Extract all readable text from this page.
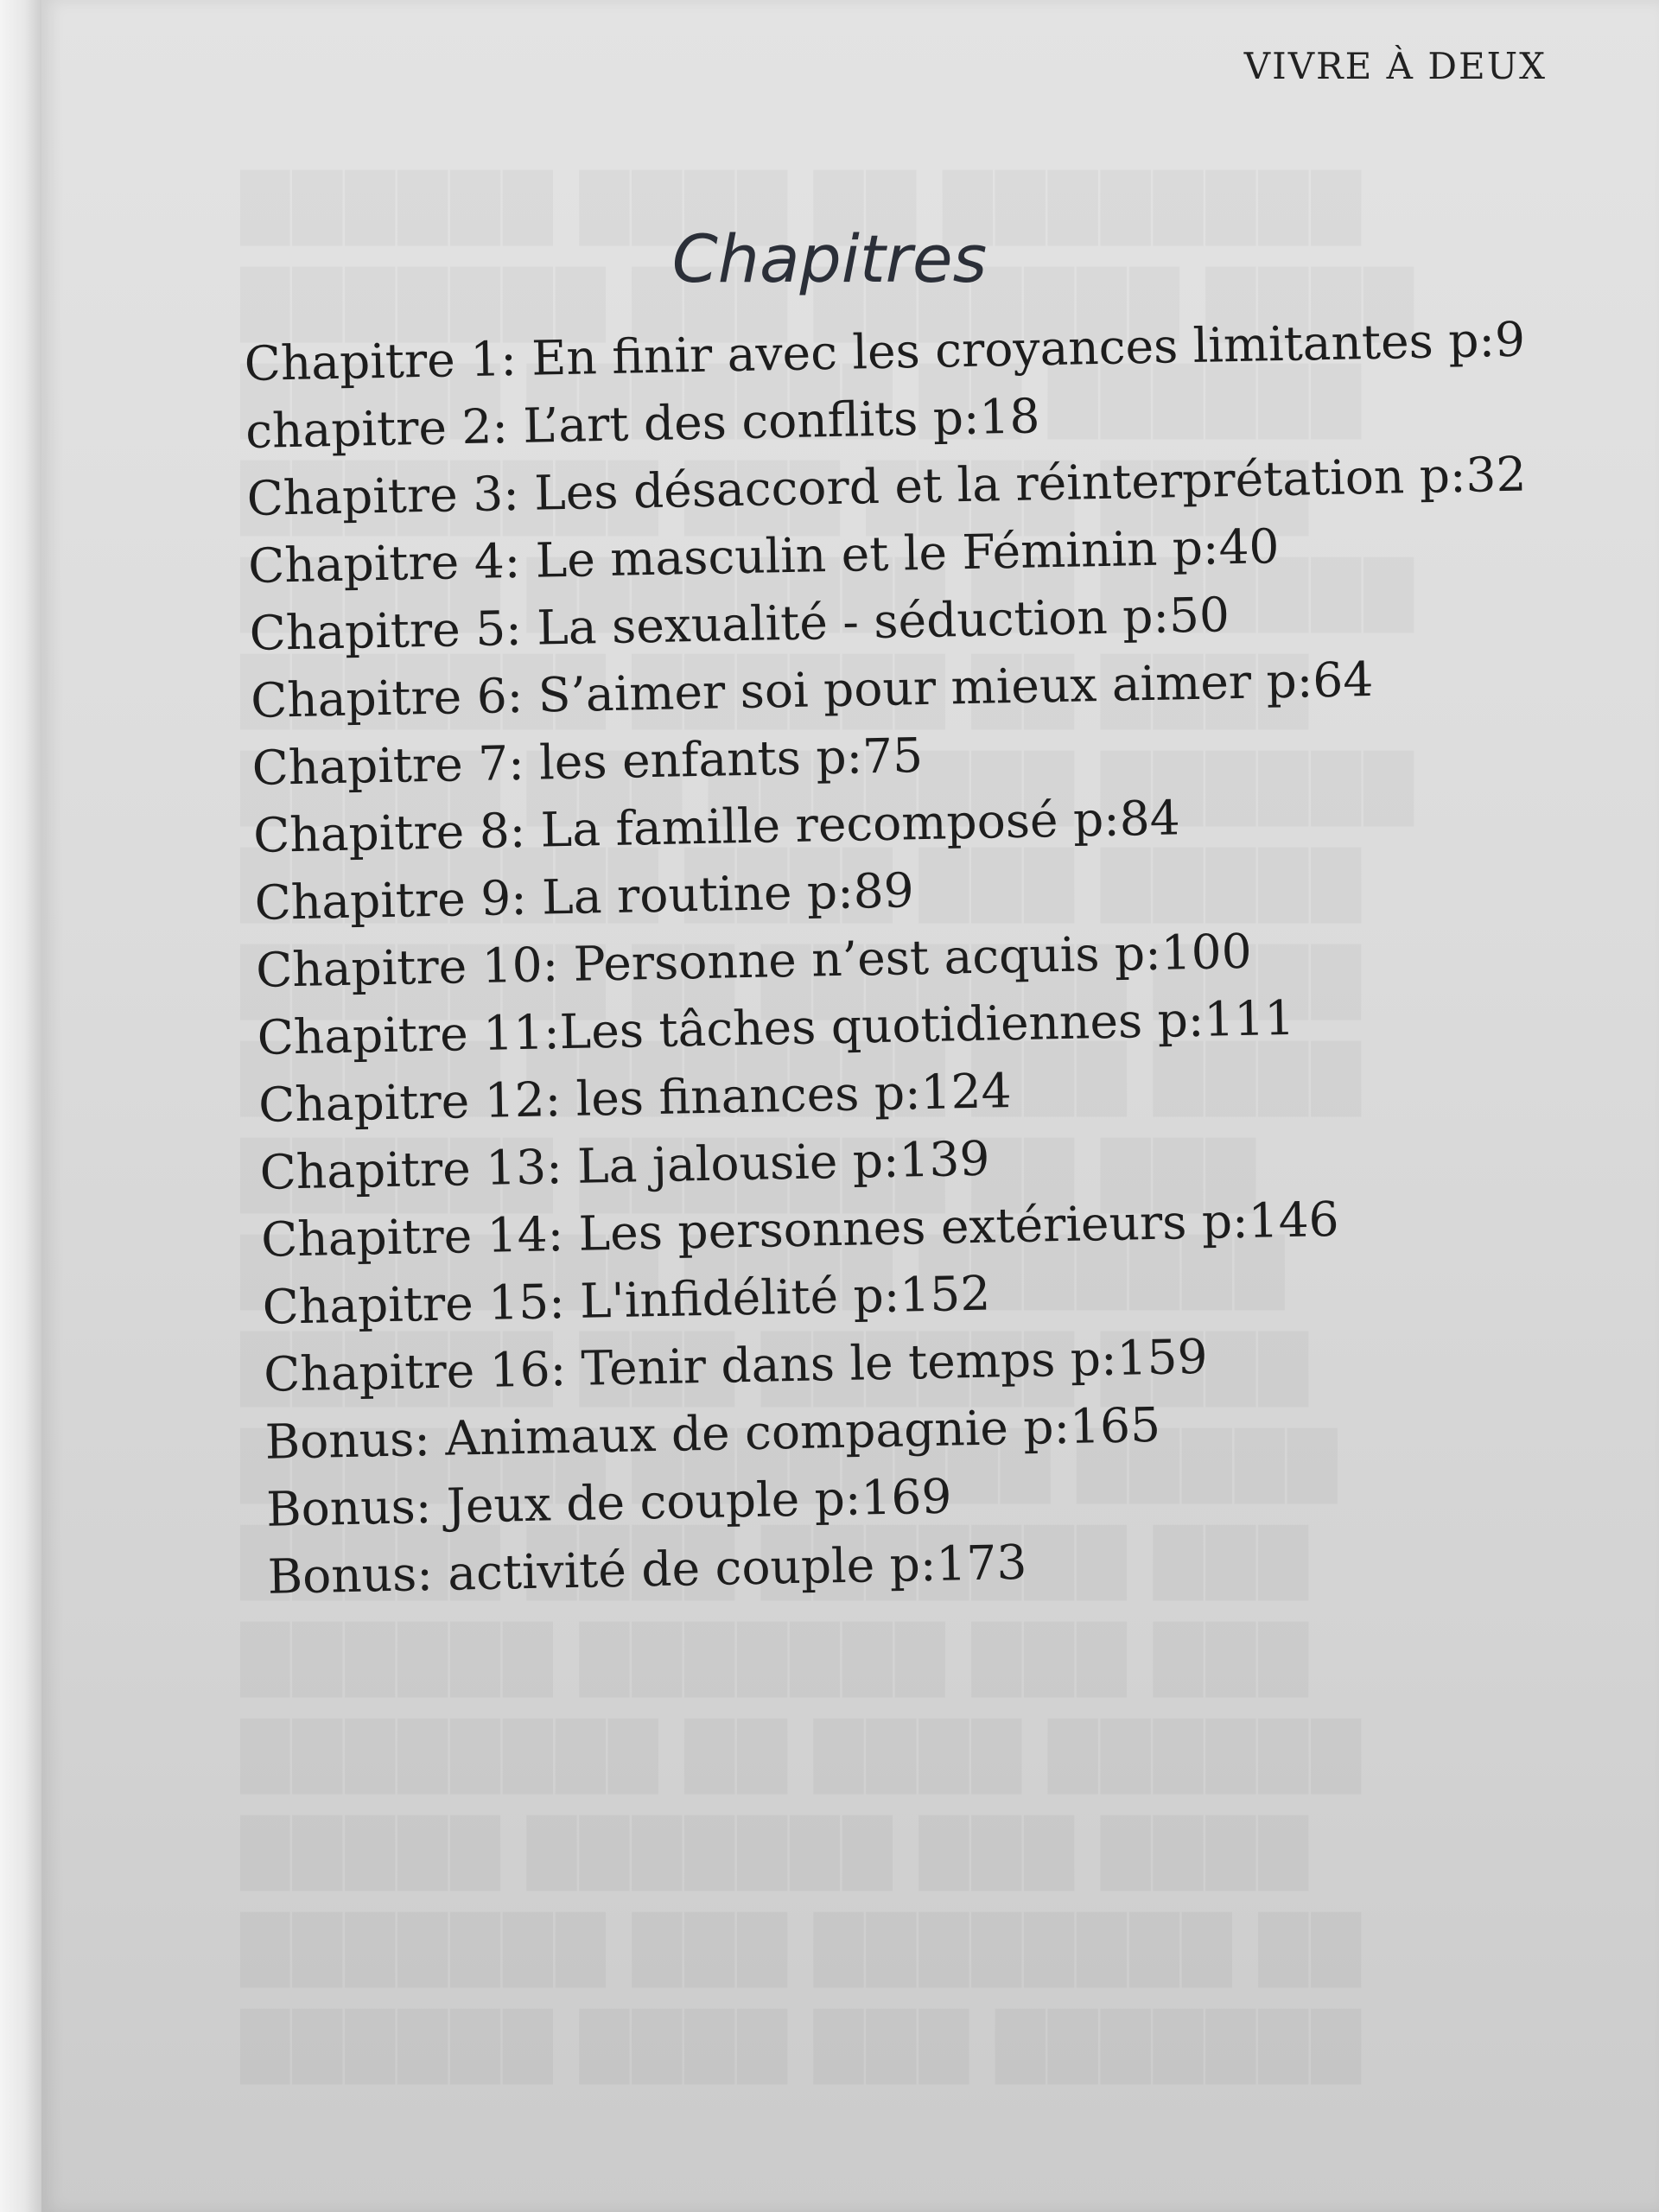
VIVRE À DEUX
Chapitres
Chapitre 1: En finir avec les croyances limitantes p:9
chapitre 2: L’art des conflits p:18
Chapitre 3: Les désaccord et la réinterprétation p:32
Chapitre 4: Le masculin et le Féminin p:40
Chapitre 5: La sexualité - séduction p:50
Chapitre 6: S’aimer soi pour mieux aimer p:64
Chapitre 7: les enfants p:75
Chapitre 8: La famille recomposé p:84
Chapitre 9: La routine p:89
Chapitre 10: Personne n’est acquis p:100
Chapitre 11:Les tâches quotidiennes p:111
Chapitre 12: les finances p:124
Chapitre 13: La jalousie p:139
Chapitre 14: Les personnes extérieurs p:146
Chapitre 15: L'infidélité p:152
Chapitre 16: Tenir dans le temps p:159
Bonus: Animaux de compagnie p:165
Bonus: Jeux de couple p:169
Bonus: activité de couple p:173
